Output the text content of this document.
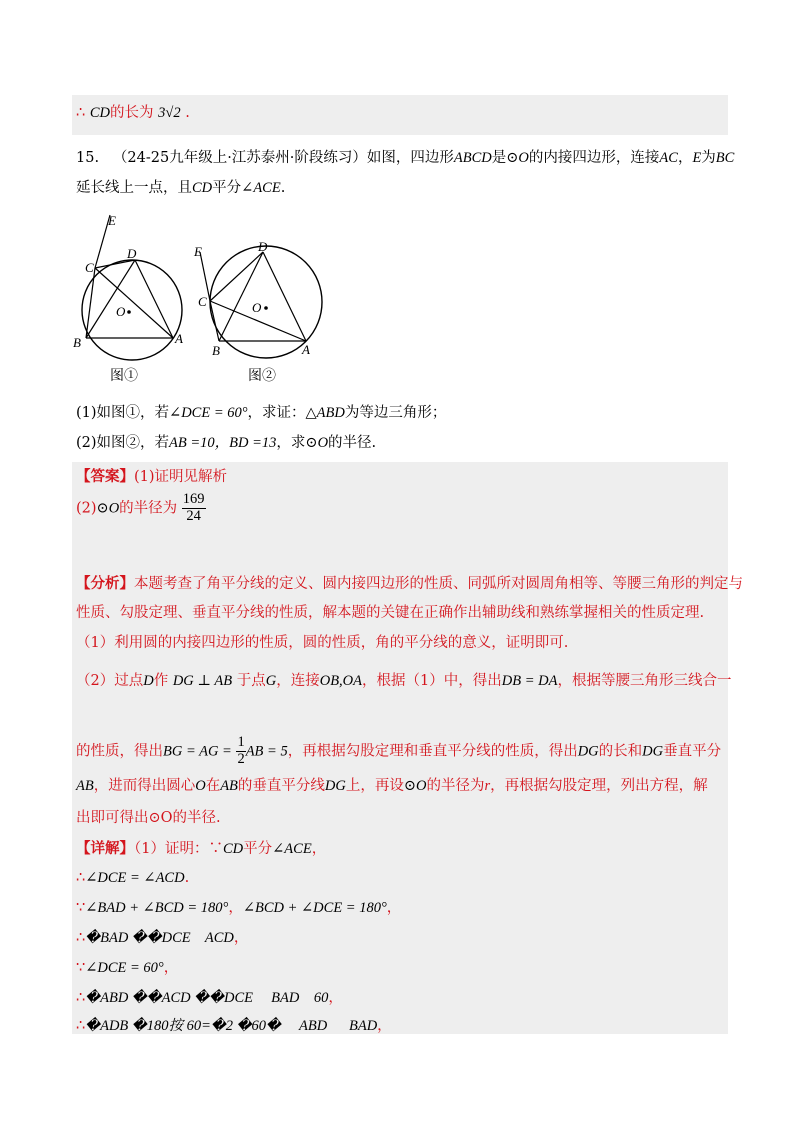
∴ CD的长为 3√2 .
15. （24-25九年级上·江苏泰州·阶段练习）如图，四边形ABCD是⊙O的内接四边形，连接AC，E为BC
延长线上一点，且CD平分∠ACE.
E
C
D
O
B	A
图①
E
C
D
O
B	A
图②
(1)如图①，若∠DCE = 60°，求证：△ABD为等边三角形；
(2)如图②，若AB =10，BD =13，求⊙O的半径.
【答案】(1)证明见解析
(2)⊙O的半径为 $\frac{169}{24}$
【分析】本题考查了角平分线的定义、圆内接四边形的性质、同弧所对圆周角相等、等腰三角形的判定与
性质、勾股定理、垂直平分线的性质，解本题的关键在正确作出辅助线和熟练掌握相关的性质定理.
（1）利用圆的内接四边形的性质，圆的性质，角的平分线的意义，证明即可.
（2）过点D作 DG ⊥ AB 于点G，连接OB,OA，根据（1）中，得出DB = DA，根据等腰三角形三线合一
的性质，得出BG = AG = $\frac{1}{2}$ AB = 5，再根据勾股定理和垂直平分线的性质，得出DG的长和DG垂直平分
AB，进而得出圆心O在AB的垂直平分线DG上，再设⊙O的半径为r，再根据勾股定理，列出方程，解
出即可得出⊙O的半径.
【详解】（1）证明：∵CD平分∠ACE，
∴∠DCE = ∠ACD.
∵∠BAD + ∠BCD = 180°，∠BCD + ∠DCE = 180°，
∴�BAD ��DCE    ACD，
∵∠DCE = 60°，
∴�ABD ��ACD ��DCE     BAD    60，
∴�ADB �180按 60=�2 �60�     ABD      BAD，
